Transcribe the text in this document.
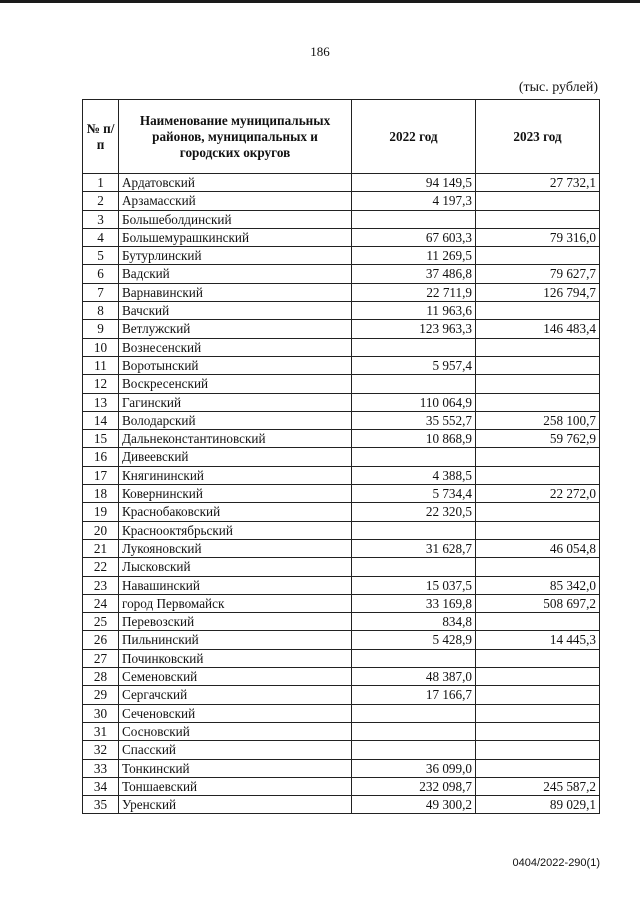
186
(тыс. рублей)
№ п/п	Наименование муниципальных районов, муниципальных и городских округов	2022 год	2023 год
1	Ардатовский	94 149,5	27 732,1
2	Арзамасский	4 197,3	
3	Большеболдинский		
4	Большемурашкинский	67 603,3	79 316,0
5	Бутурлинский	11 269,5	
6	Вадский	37 486,8	79 627,7
7	Варнавинский	22 711,9	126 794,7
8	Вачский	11 963,6	
9	Ветлужский	123 963,3	146 483,4
10	Вознесенский		
11	Воротынский	5 957,4	
12	Воскресенский		
13	Гагинский	110 064,9	
14	Володарский	35 552,7	258 100,7
15	Дальнеконстантиновский	10 868,9	59 762,9
16	Дивеевский		
17	Княгининский	4 388,5	
18	Ковернинский	5 734,4	22 272,0
19	Краснобаковский	22 320,5	
20	Краснооктябрьский		
21	Лукояновский	31 628,7	46 054,8
22	Лысковский		
23	Навашинский	15 037,5	85 342,0
24	город Первомайск	33 169,8	508 697,2
25	Перевозский	834,8	
26	Пильнинский	5 428,9	14 445,3
27	Починковский		
28	Семеновский	48 387,0	
29	Сергачский	17 166,7	
30	Сеченовский		
31	Сосновский		
32	Спасский		
33	Тонкинский	36 099,0	
34	Тоншаевский	232 098,7	245 587,2
35	Уренский	49 300,2	89 029,1
0404/2022-290(1)
